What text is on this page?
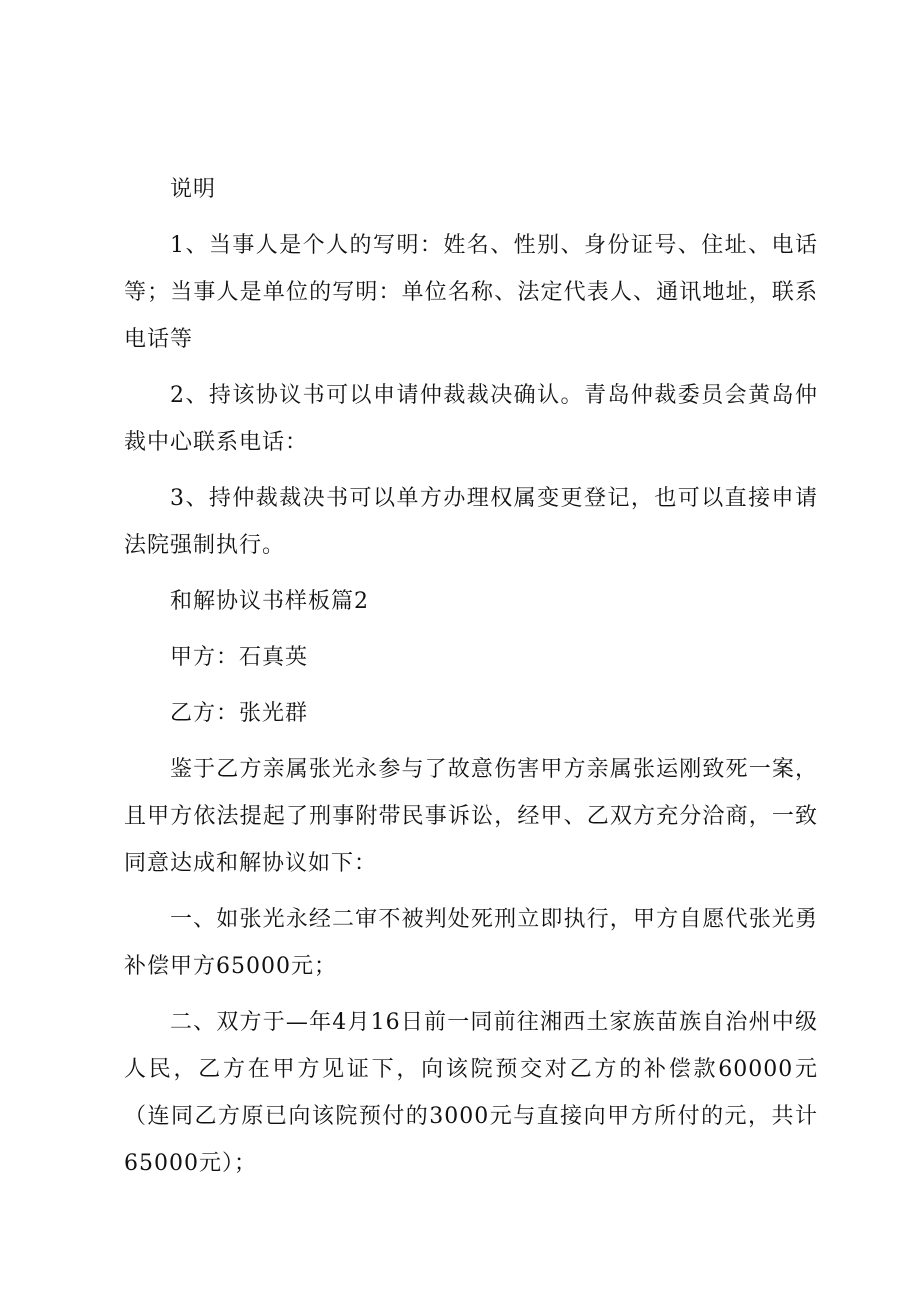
说明

1、当事人是个人的写明：姓名、性别、身份证号、住址、电话等；当事人是单位的写明：单位名称、法定代表人、通讯地址，联系电话等

2、持该协议书可以申请仲裁裁决确认。青岛仲裁委员会黄岛仲裁中心联系电话：

3、持仲裁裁决书可以单方办理权属变更登记，也可以直接申请法院强制执行。

和解协议书样板篇2

甲方：石真英

乙方：张光群

鉴于乙方亲属张光永参与了故意伤害甲方亲属张运刚致死一案，且甲方依法提起了刑事附带民事诉讼，经甲、乙双方充分洽商，一致同意达成和解协议如下：

一、如张光永经二审不被判处死刑立即执行，甲方自愿代张光勇补偿甲方65000元；

二、双方于—年4月16日前一同前往湘西土家族苗族自治州中级人民，乙方在甲方见证下，向该院预交对乙方的补偿款60000元（连同乙方原已向该院预付的3000元与直接向甲方所付的元，共计65000元）；
